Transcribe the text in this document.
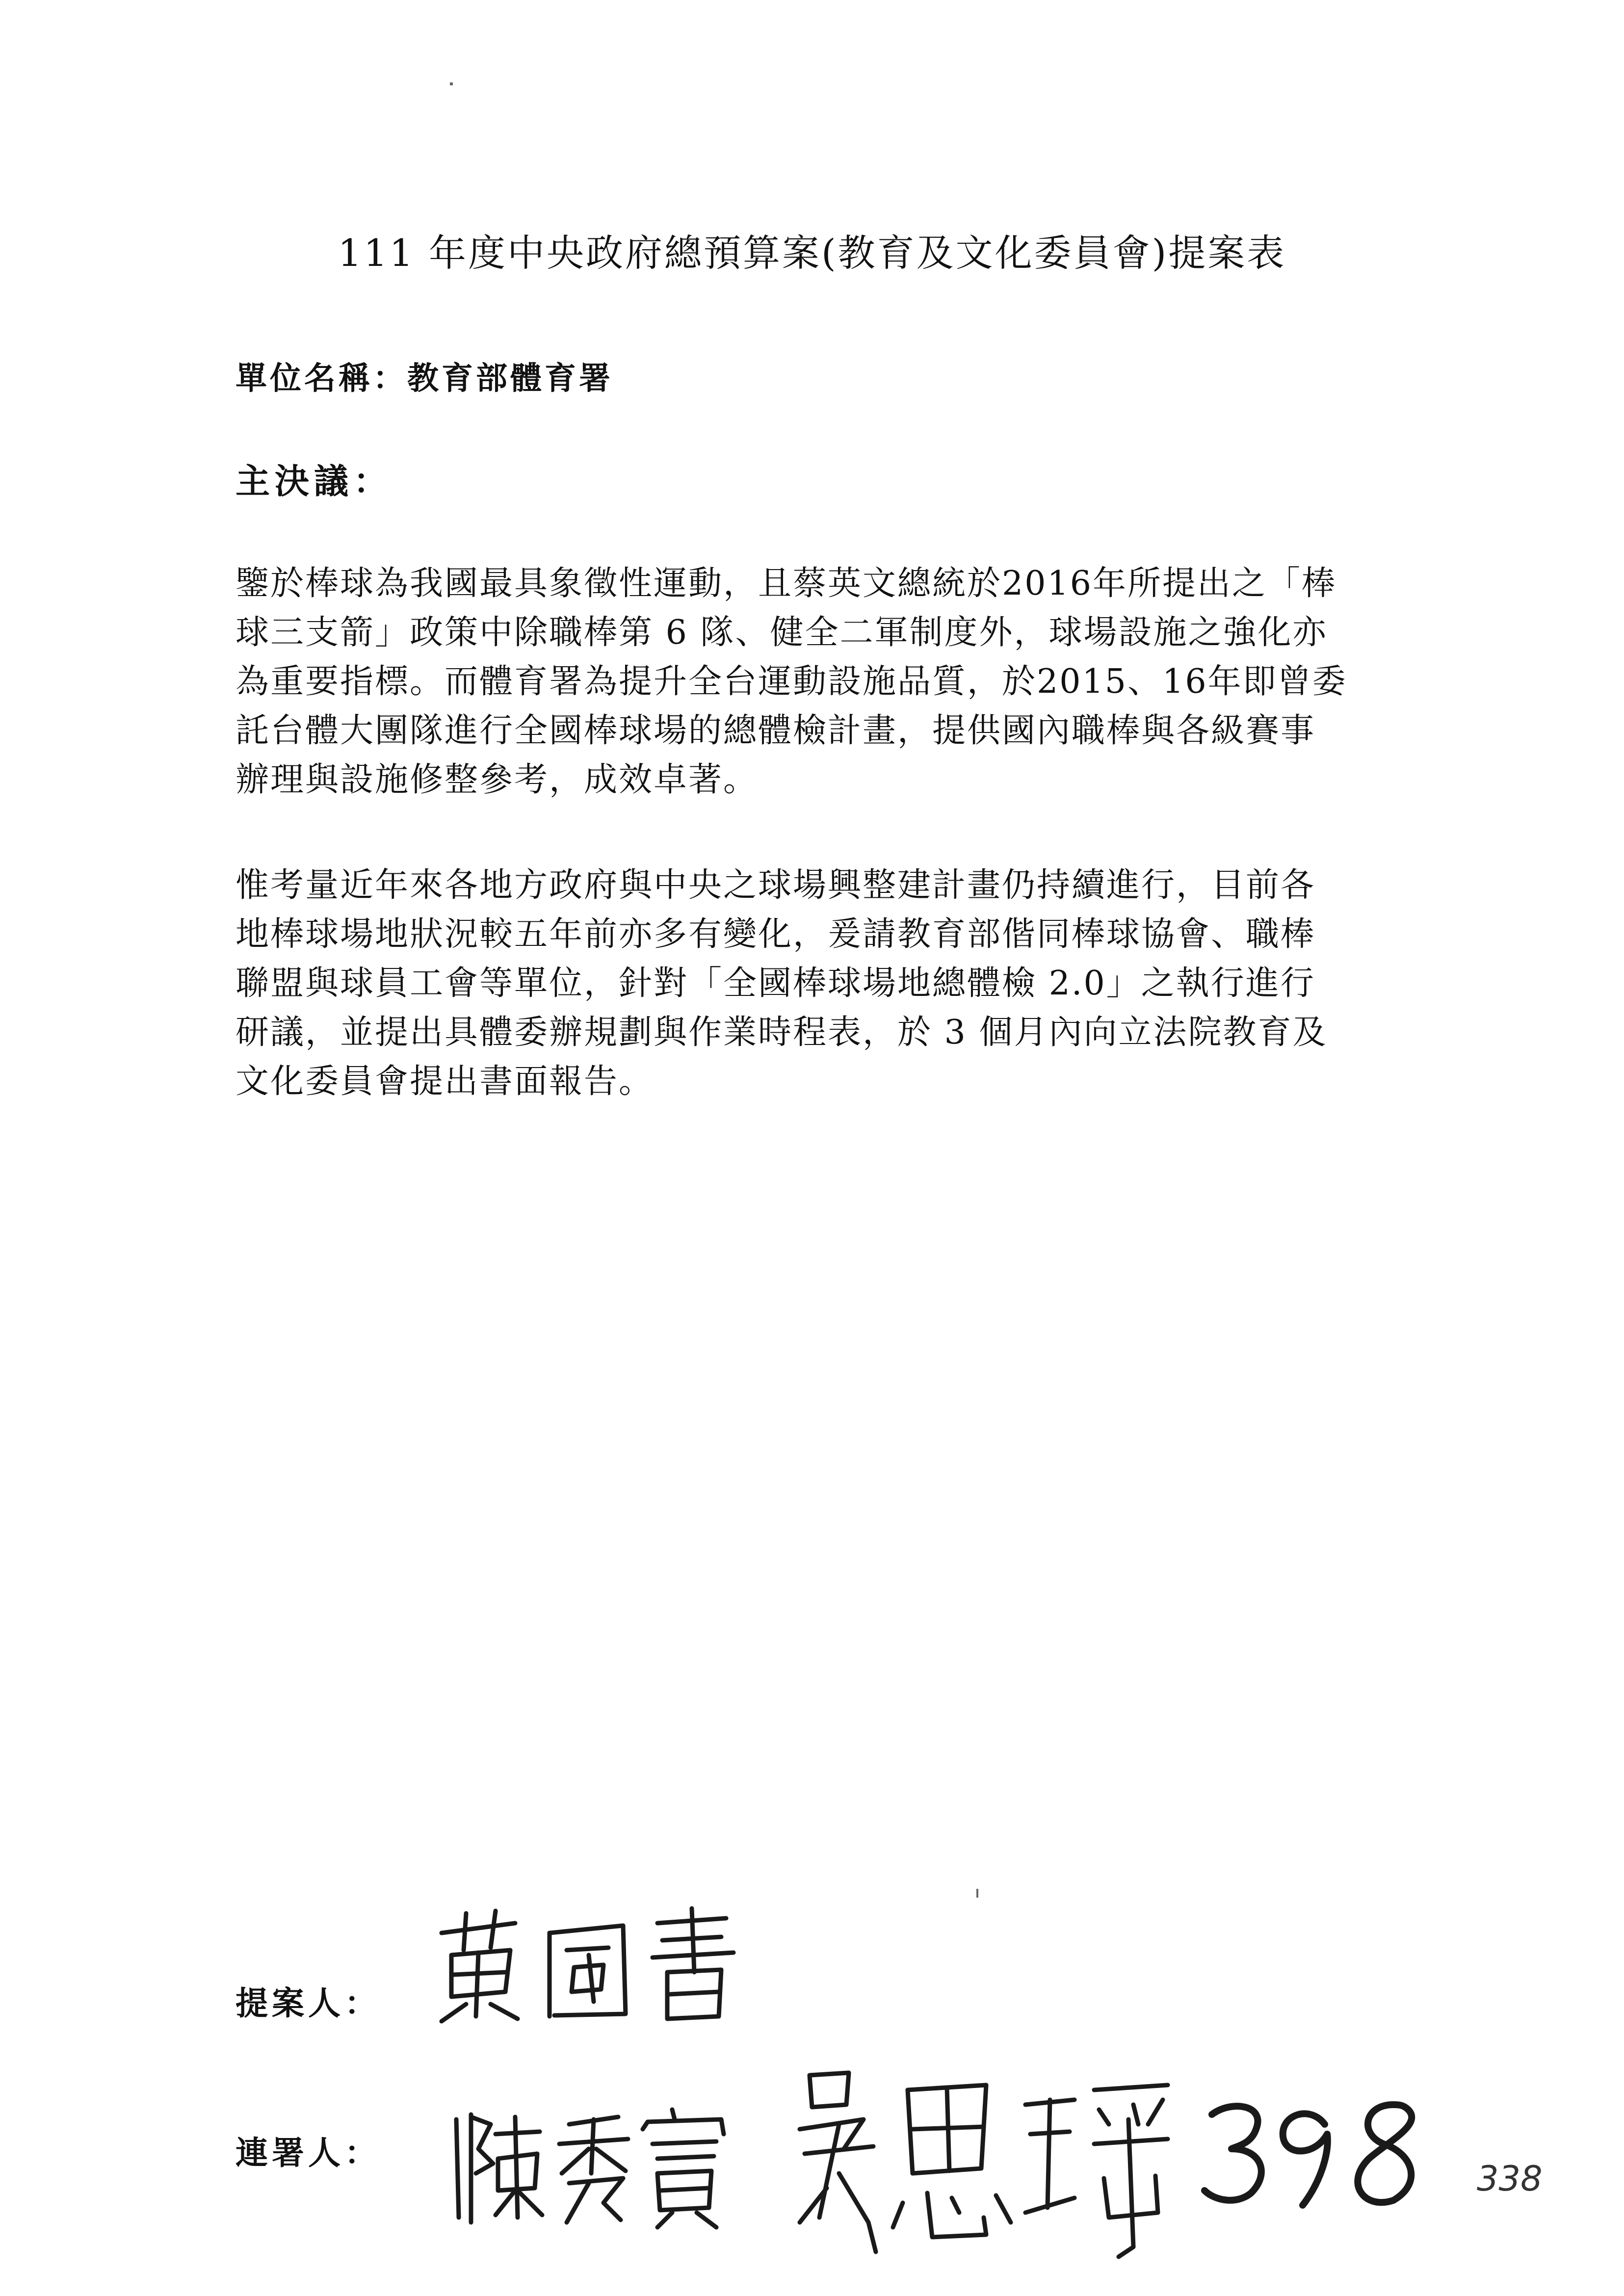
111 年度中央政府總預算案(教育及文化委員會)提案表
單位名稱：教育部體育署
主決議：
鑒於棒球為我國最具象徵性運動，且蔡英文總統於2016年所提出之「棒
球三支箭」政策中除職棒第 6 隊、健全二軍制度外，球場設施之強化亦
為重要指標。而體育署為提升全台運動設施品質，於2015、16年即曾委
託台體大團隊進行全國棒球場的總體檢計畫，提供國內職棒與各級賽事
辦理與設施修整參考，成效卓著。
惟考量近年來各地方政府與中央之球場興整建計畫仍持續進行，目前各
地棒球場地狀況較五年前亦多有變化，爰請教育部偕同棒球協會、職棒
聯盟與球員工會等單位，針對「全國棒球場地總體檢 2.0」之執行進行
研議，並提出具體委辦規劃與作業時程表，於 3 個月內向立法院教育及
文化委員會提出書面報告。
提案人：
連署人：
338
